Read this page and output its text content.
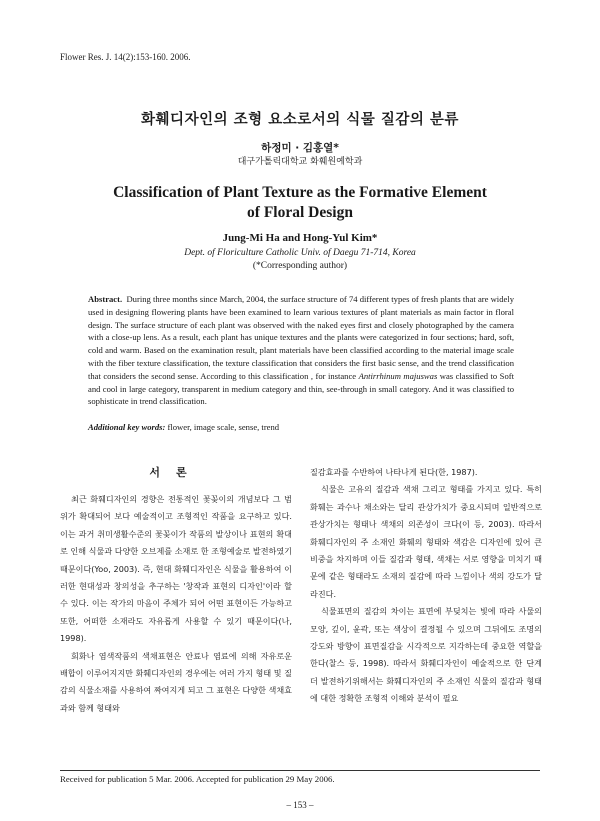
Flower Res. J. 14(2):153-160. 2006.
화훼디자인의 조형 요소로서의 식물 질감의 분류
하정미 · 김홍열*
대구가톨릭대학교 화훼원예학과
Classification of Plant Texture as the Formative Element
of Floral Design
Jung-Mi Ha and Hong-Yul Kim*
Dept. of Floriculture Catholic Univ. of Daegu 71-714, Korea
(*Corresponding author)
Abstract. During three months since March, 2004, the surface structure of 74 different types of fresh plants that are widely used in designing flowering plants have been examined to learn various textures of plant materials as main factor in floral design. The surface structure of each plant was observed with the naked eyes first and closely photographed by the camera with a close-up lens. As a result, each plant has unique textures and the plants were categorized in four sections; hard, soft, cold and warm. Based on the examination result, plant materials have been classified according to the material image scale with the fiber texture classification, the texture classification that considers the first basic sense, and the trend classification that considers the second sense. According to this classification , for instance Antirrhinum majuswas was classified to Soft and cool in large category, transparent in medium category and thin, see-through in small category. And it was classified to sophisticate in trend classification.
Additional key words: flower, image scale, sense, trend
서론

최근 화훼디자인의 경향은 전통적인 꽃꽂이의 개념보다 그 범위가 확대되어 보다 예술적이고 조형적인 작품을 요구하고 있다. 이는 과거 취미생활수준의 꽃꽂이가 작품의 발상이나 표현의 확대로 인해 식물과 다양한 오브제를 소재로 한 조형예술로 발전하였기 때문이다(Yoo, 2003). 즉, 현대 화훼디자인은 식물을 활용하여 이러한 현대성과 창의성을 추구하는 '창작과 표현의 디자인'이라 할 수 있다. 이는 작가의 마음이 주체가 되어 어떤 표현이든 가능하고 또한, 어떠한 소재라도 자유롭게 사용할 수 있기 때문이다(나, 1998).

회화나 염색작품의 색채표현은 안료나 염료에 의해 자유로운 배합이 이루어지지만 화훼디자인의 경우에는 여러 가지 형태 및 질감의 식물소재를 사용하여 짜여지게 되고 그 표현은 다양한 색채효과와 함께 형태와

질감효과를 수반하여 나타나게 된다(한, 1987).

식물은 고유의 질감과 색채 그리고 형태를 가지고 있다. 특히 화훼는 과수나 채소와는 달리 관상가치가 중요시되며 일반적으로 관상가치는 형태나 색채의 의존성이 크다(이 등, 2003). 따라서 화훼디자인의 주 소재인 화훼의 형태와 색감은 디자인에 있어 큰 비중을 차지하며 이들 질감과 형태, 색채는 서로 영향을 미치기 때문에 같은 형태라도 소재의 질감에 따라 느낌이나 색의 강도가 달라진다.

식물표면의 질감의 차이는 표면에 부딪치는 빛에 따라 사물의 모양, 깊이, 윤곽, 또는 색상이 결정될 수 있으며 그뒤에도 조명의 강도와 방향이 표면질감을 시각적으로 지각하는데 중요한 역할을 한다(찰스 등, 1998). 따라서 화훼디자인이 예술적으로 한 단계 더 발전하기위해서는 화훼디자인의 주 소재인 식물의 질감과 형태에 대한 정확한 조형적 이해와 분석이 필요

Received for publication 5 Mar. 2006. Accepted for publication 29 May 2006.
– 153 –
